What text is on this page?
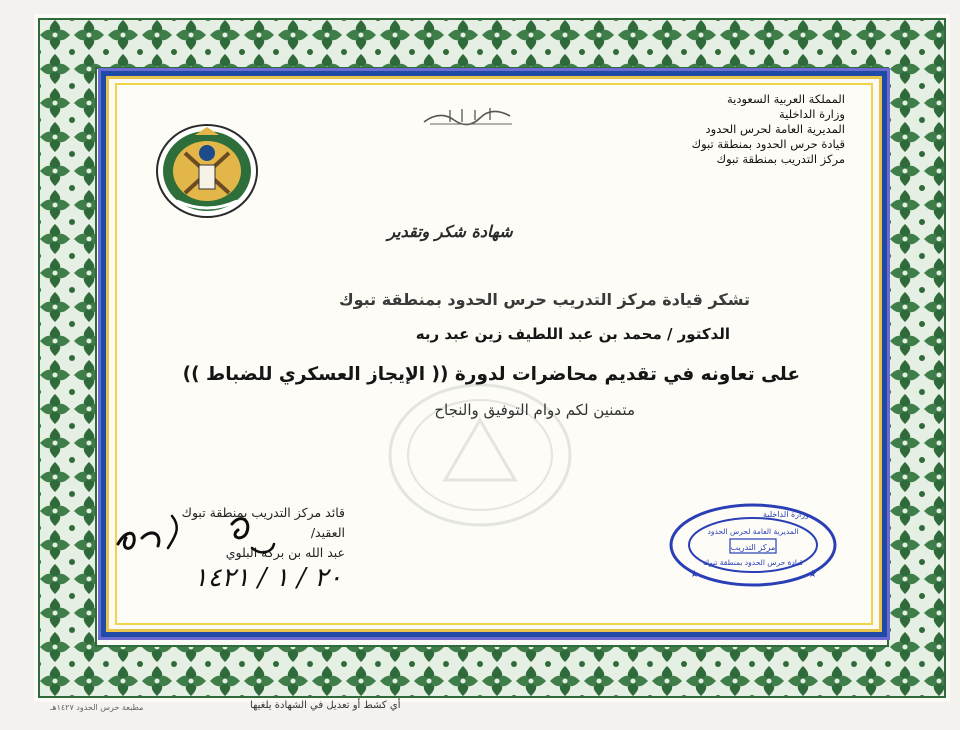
المملكة العربية السعودية
وزارة الداخلية
المديرية العامة لحرس الحدود
قيادة حرس الحدود بمنطقة تبوك
مركز التدريب بمنطقة تبوك
شهادة شكر وتقدير
تشكر قيادة مركز التدريب حرس الحدود بمنطقة تبوك
الدكتور / محمد بن عبد اللطيف زين عبد ربه
على تعاونه في تقديم محاضرات لدورة (( الإيجاز العسكري للضباط ))
متمنين لكم دوام التوفيق والنجاح
قائد مركز التدريب بمنطقة تبوك
العقيد/
عبد الله بن بركة البلوي
٢٠ / ١ / ١٤٢١
وزارة الداخلية
المديرية العامة لحرس الحدود
مركز التدريب
قيادة حرس الحدود بمنطقة تبوك
★	★
مطبعة حرس الحدود ١٤٢٧هـ	أي كشط أو تعديل في الشهادة يلغيها
